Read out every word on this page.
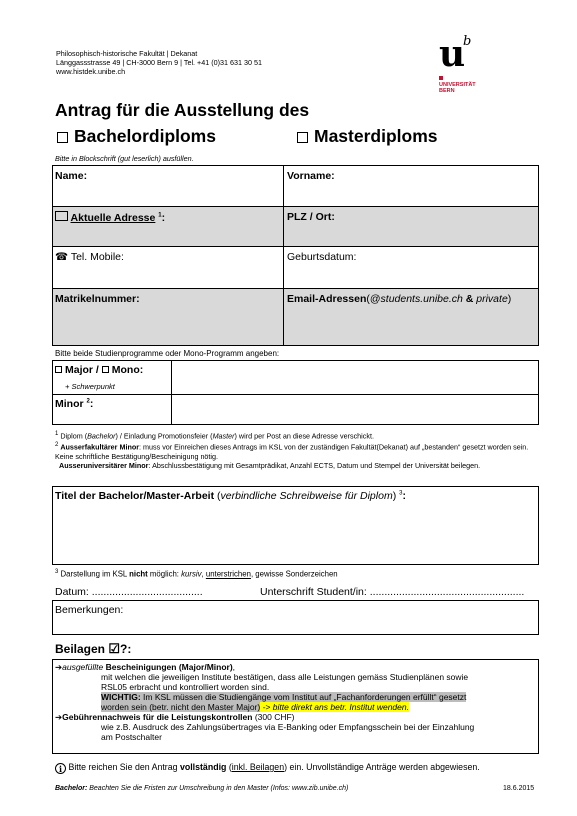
Philosophisch-historische Fakultät | Dekanat
Länggassstrasse 49 | CH-3000 Bern 9 | Tel. +41 (0)31 631 30 51
www.histdek.unibe.ch	u
b
UNIVERSITÄT
BERN
Antrag für die Ausstellung des
Bachelordiploms	Masterdiploms
Bitte in Blockschrift (gut leserlich) ausfüllen.
Name:	Vorname:
Aktuelle Adresse $^1$:	PLZ / Ort:
☎ Tel. Mobile:	Geburtsdatum:
Matrikelnummer:	Email-Adressen(@students.unibe.ch & private)
Bitte beide Studienprogramme oder Mono-Programm angeben:
Major / Mono:
+ Schwerpunkt
Minor $^2$:
$^1$ Diplom (Bachelor) / Einladung Promotionsfeier (Master) wird per Post an diese Adresse verschickt.
$^2$ Ausserfakultärer Minor: muss vor Einreichen dieses Antrags im KSL von der zuständigen Fakultät(Dekanat) auf „bestanden“ gesetzt worden sein. Keine schriftliche Bestätigung/Bescheinigung nötig.
Ausseruniversitärer Minor: Abschlussbestätigung mit Gesamtprädikat, Anzahl ECTS, Datum und Stempel der Universität beilegen.
Titel der Bachelor/Master-Arbeit (verbindliche Schreibweise für Diplom) $^3$:
$^3$ Darstellung im KSL nicht möglich: kursiv, unterstrichen, gewisse Sonderzeichen
Datum: ......................................	Unterschrift Student/in: .....................................................
Bemerkungen:
Beilagen ☑?:
➔ausgefüllte Bescheinigungen (Major/Minor),
mit welchen die jeweiligen Institute bestätigen, dass alle Leistungen gemäss Studienplänen sowie
RSL05 erbracht und kontrolliert worden sind.
WICHTIG: Im KSL müssen die Studiengänge vom Institut auf „Fachanforderungen erfüllt“ gesetzt
worden sein (betr. nicht den Master Major) -> bitte direkt ans betr. Institut wenden.
➔Gebührennachweis für die Leistungskontrollen (300 CHF)
wie z.B. Ausdruck des Zahlungsübertrages via E-Banking oder Empfangsschein bei der Einzahlung
am Postschalter
i Bitte reichen Sie den Antrag vollständig (inkl. Beilagen) ein. Unvollständige Anträge werden abgewiesen.
Bachelor: Beachten Sie die Fristen zur Umschreibung in den Master (Infos: www.zib.unibe.ch)	18.6.2015
